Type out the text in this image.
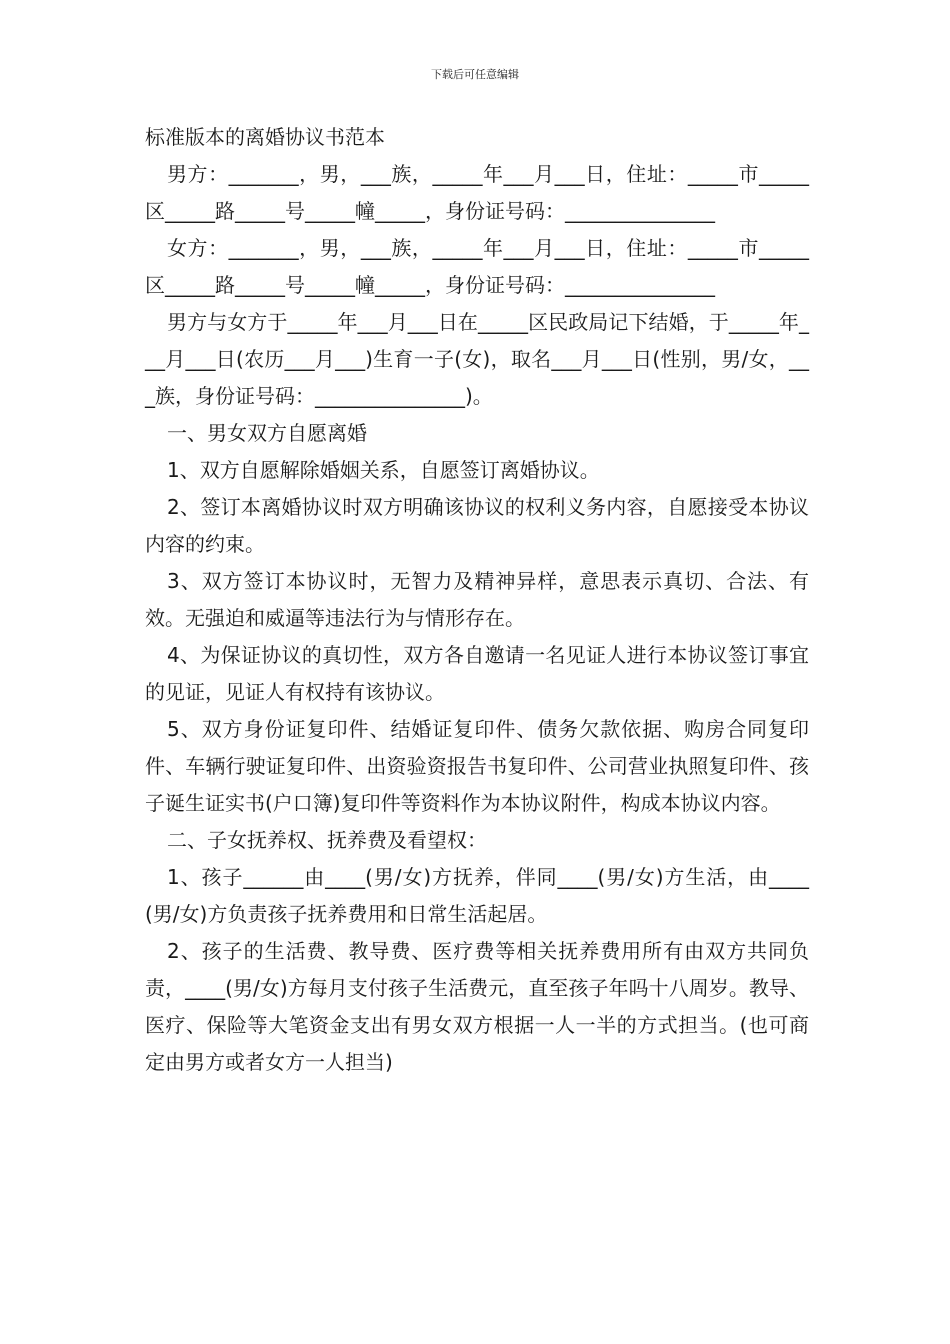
下载后可任意编辑

标准版本的离婚协议书范本

男方：_______，男，___族，_____年___月___日，住址：_____市_____区_____路_____号_____幢_____，身份证号码：_______________

女方：_______，男，___族，_____年___月___日，住址：_____市_____区_____路_____号_____幢_____，身份证号码：_______________

男方与女方于_____年___月___日在_____区民政局记下结婚，于_____年___月___日(农历___月___)生育一子(女)，取名___月___日(性别，男/女，___族，身份证号码：_______________)。

一、男女双方自愿离婚

1、双方自愿解除婚姻关系，自愿签订离婚协议。

2、签订本离婚协议时双方明确该协议的权利义务内容，自愿接受本协议内容的约束。

3、双方签订本协议时，无智力及精神异样，意思表示真切、合法、有效。无强迫和威逼等违法行为与情形存在。

4、为保证协议的真切性，双方各自邀请一名见证人进行本协议签订事宜的见证，见证人有权持有该协议。

5、双方身份证复印件、结婚证复印件、债务欠款依据、购房合同复印件、车辆行驶证复印件、出资验资报告书复印件、公司营业执照复印件、孩子诞生证实书(户口簿)复印件等资料作为本协议附件，构成本协议内容。

二、子女抚养权、抚养费及看望权：

1、孩子______由____(男/女)方抚养，伴同____(男/女)方生活，由____(男/女)方负责孩子抚养费用和日常生活起居。

2、孩子的生活费、教导费、医疗费等相关抚养费用所有由双方共同负责，____(男/女)方每月支付孩子生活费元，直至孩子年吗十八周岁。教导、医疗、保险等大笔资金支出有男女双方根据一人一半的方式担当。(也可商定由男方或者女方一人担当)
